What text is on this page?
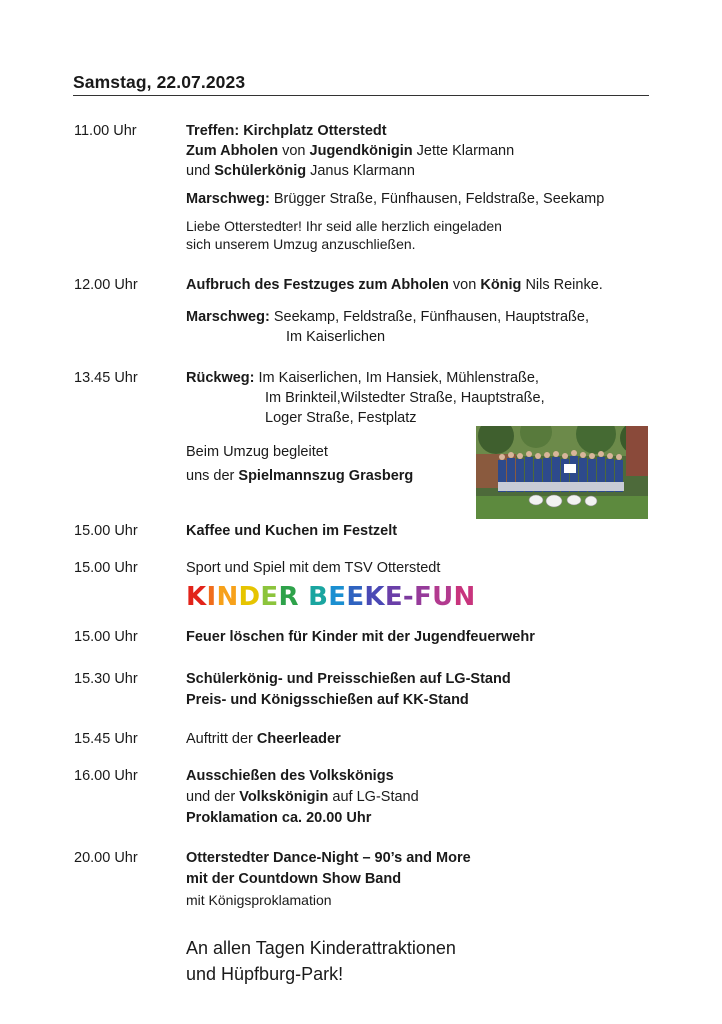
Samstag, 22.07.2023
11.00 Uhr	Treffen: Kirchplatz Otterstedt
Zum Abholen von Jugendkönigin Jette Klarmann
und Schülerkönig Janus Klarmann
Marschweg: Brügger Straße, Fünfhausen, Feldstraße, Seekamp
Liebe Otterstedter! Ihr seid alle herzlich eingeladen
sich unserem Umzug anzuschließen.
12.00 Uhr	Aufbruch des Festzuges zum Abholen von König Nils Reinke.
Marschweg: Seekamp, Feldstraße, Fünfhausen, Hauptstraße,
Im Kaiserlichen
13.45 Uhr	Rückweg: Im Kaiserlichen, Im Hansiek, Mühlenstraße,
Im Brinkteil,Wilstedter Straße, Hauptstraße,
Loger Straße, Festplatz
Beim Umzug begleitet
uns der Spielmannszug Grasberg
15.00 Uhr	Kaffee und Kuchen im Festzelt
15.00 Uhr	Sport und Spiel mit dem TSV Otterstedt
KINDER BEEKE-FUN
15.00 Uhr	Feuer löschen für Kinder mit der Jugendfeuerwehr
15.30 Uhr	Schülerkönig- und Preisschießen auf LG-Stand
Preis- und Königsschießen auf KK-Stand
15.45 Uhr	Auftritt der Cheerleader
16.00 Uhr	Ausschießen des Volkskönigs
und der Volkskönigin auf LG-Stand
Proklamation ca. 20.00 Uhr
20.00 Uhr	Otterstedter Dance-Night – 90’s and More
mit der Countdown Show Band
mit Königsproklamation
An allen Tagen Kinderattraktionen
und Hüpfburg-Park!
